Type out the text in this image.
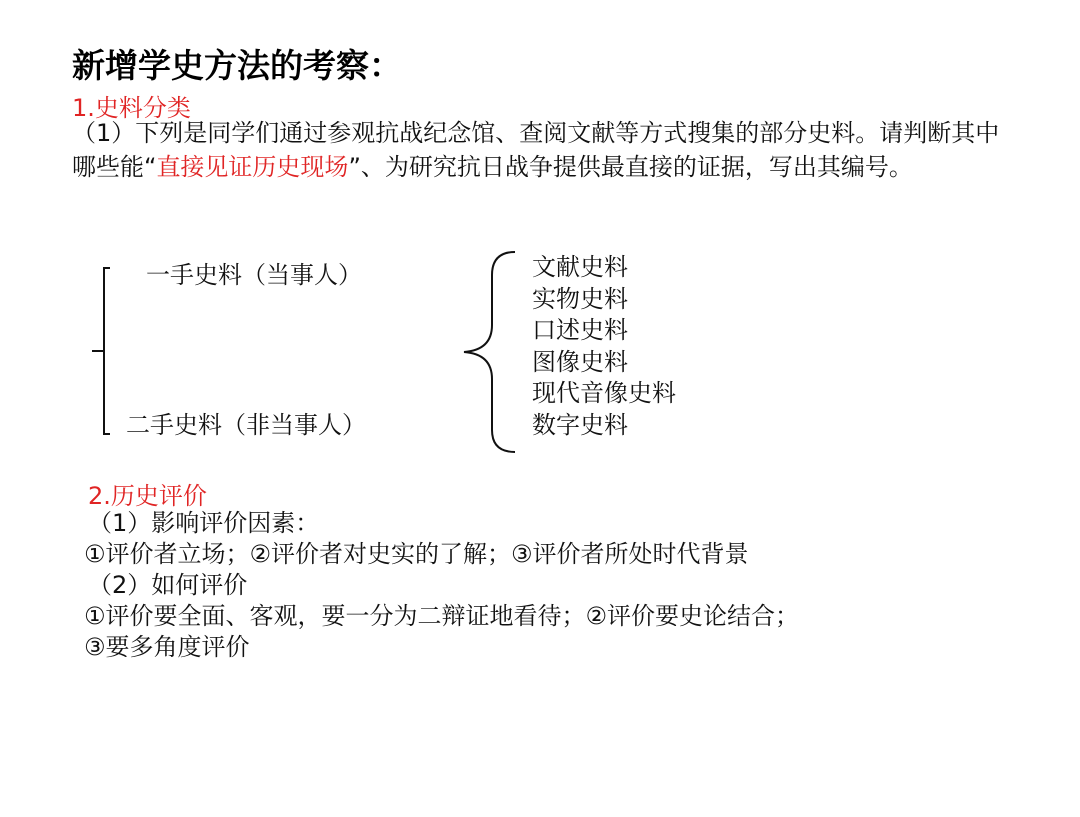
新增学史方法的考察：
1.史料分类
（1）下列是同学们通过参观抗战纪念馆、查阅文献等方式搜集的部分史料。请判断其中哪些能“直接见证历史现场”、为研究抗日战争提供最直接的证据，写出其编号。
一手史料（当事人）
二手史料（非当事人）
文献史料
实物史料
口述史料
图像史料
现代音像史料
数字史料
2.历史评价
（1）影响评价因素：
①评价者立场；②评价者对史实的了解；③评价者所处时代背景
（2）如何评价
①评价要全面、客观，要一分为二辩证地看待；②评价要史论结合；
③要多角度评价
